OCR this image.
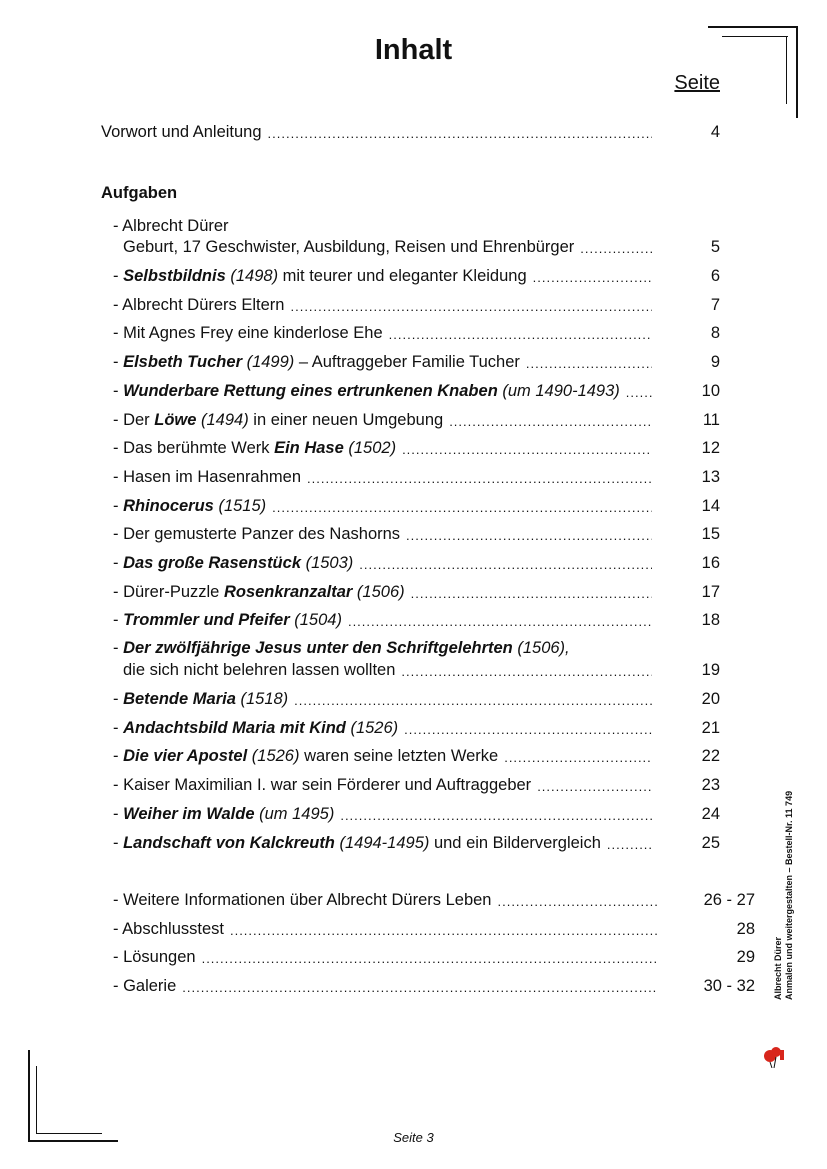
Inhalt
Seite
Vorwort und Anleitung .....	4
Aufgaben
- Albrecht Dürer
Geburt, 17 Geschwister, Ausbildung, Reisen und Ehrenbürger .....	5
- Selbstbildnis (1498) mit teurer und eleganter Kleidung .....	6
- Albrecht Dürers Eltern .....	7
- Mit Agnes Frey eine kinderlose Ehe .....	8
- Elsbeth Tucher (1499) – Auftraggeber Familie Tucher .....	9
- Wunderbare Rettung eines ertrunkenen Knaben (um 1490-1493) .....	10
- Der Löwe (1494) in einer neuen Umgebung .....	11
- Das berühmte Werk Ein Hase (1502) .....	12
- Hasen im Hasenrahmen .....	13
- Rhinocerus (1515) .....	14
- Der gemusterte Panzer des Nashorns .....	15
- Das große Rasenstück (1503) .....	16
- Dürer-Puzzle Rosenkranzaltar (1506) .....	17
- Trommler und Pfeifer (1504) .....	18
- Der zwölfjährige Jesus unter den Schriftgelehrten (1506),
die sich nicht belehren lassen wollten .....	19
- Betende Maria (1518) .....	20
- Andachtsbild Maria mit Kind (1526) .....	21
- Die vier Apostel (1526) waren seine letzten Werke .....	22
- Kaiser Maximilian I. war sein Förderer und Auftraggeber .....	23
- Weiher im Walde (um 1495) .....	24
- Landschaft von Kalckreuth (1494-1495) und ein Bildervergleich .....	25
- Weitere Informationen über Albrecht Dürers Leben .....	26 - 27
- Abschlusstest .....	28
- Lösungen .....	29
- Galerie .....	30 - 32 Albrecht Dürer Anmalen und weitergestalten – Bestell-Nr. 11 749
Seite 3
